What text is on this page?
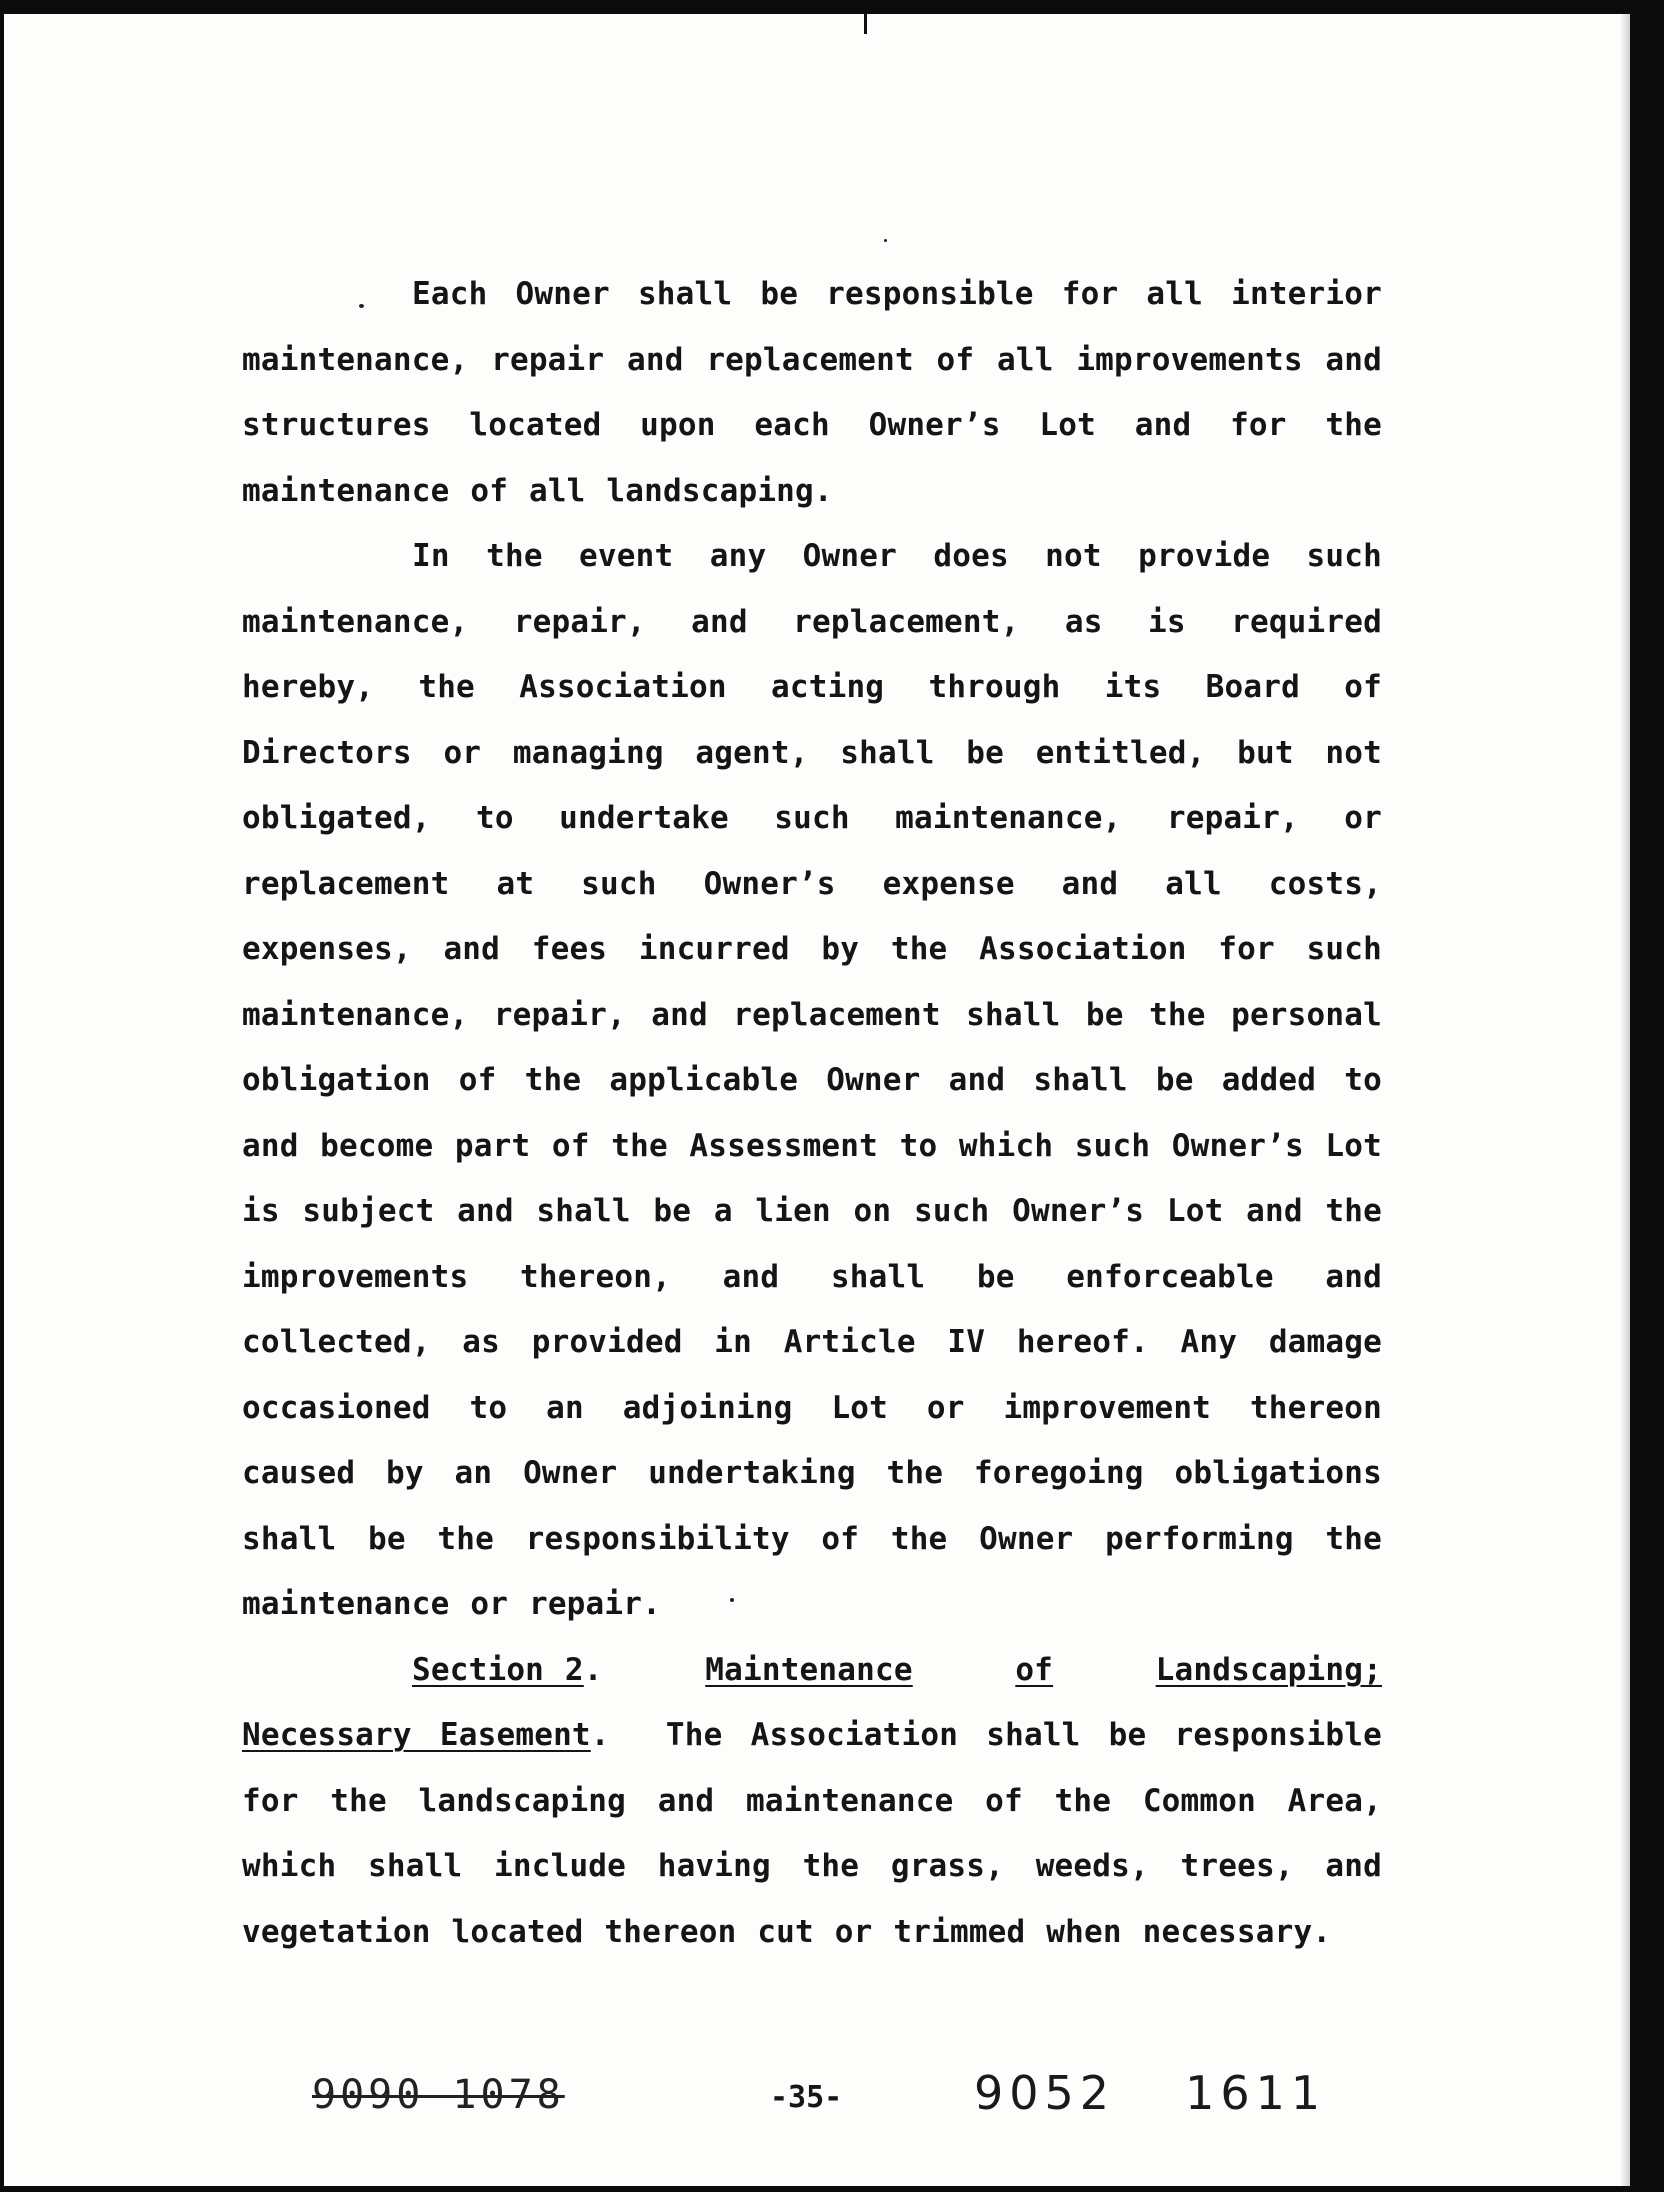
Each Owner shall be responsible for all interior maintenance, repair and replacement of all improvements and structures located upon each Owner’s Lot and for the maintenance of all landscaping.

In the event any Owner does not provide such maintenance, repair, and replacement, as is required hereby, the Association acting through its Board of Directors or managing agent, shall be entitled, but not obligated, to undertake such maintenance, repair, or replacement at such Owner’s expense and all costs, expenses, and fees incurred by the Association for such maintenance, repair, and replacement shall be the personal obligation of the applicable Owner and shall be added to and become part of the Assessment to which such Owner’s Lot is subject and shall be a lien on such Owner’s Lot and the improvements thereon, and shall be enforceable and collected, as provided in Article IV hereof. Any damage occasioned to an adjoining Lot or improvement thereon caused by an Owner undertaking the foregoing obligations shall be the responsibility of the Owner performing the maintenance or repair.

Section 2.	Maintenance	of	Landscaping;

Necessary Easement.  The Association shall be responsible for the landscaping and maintenance of the Common Area, which shall include having the grass, weeds, trees, and vegetation located thereon cut or trimmed when necessary.

9090 1078	-35-	9052 1611
